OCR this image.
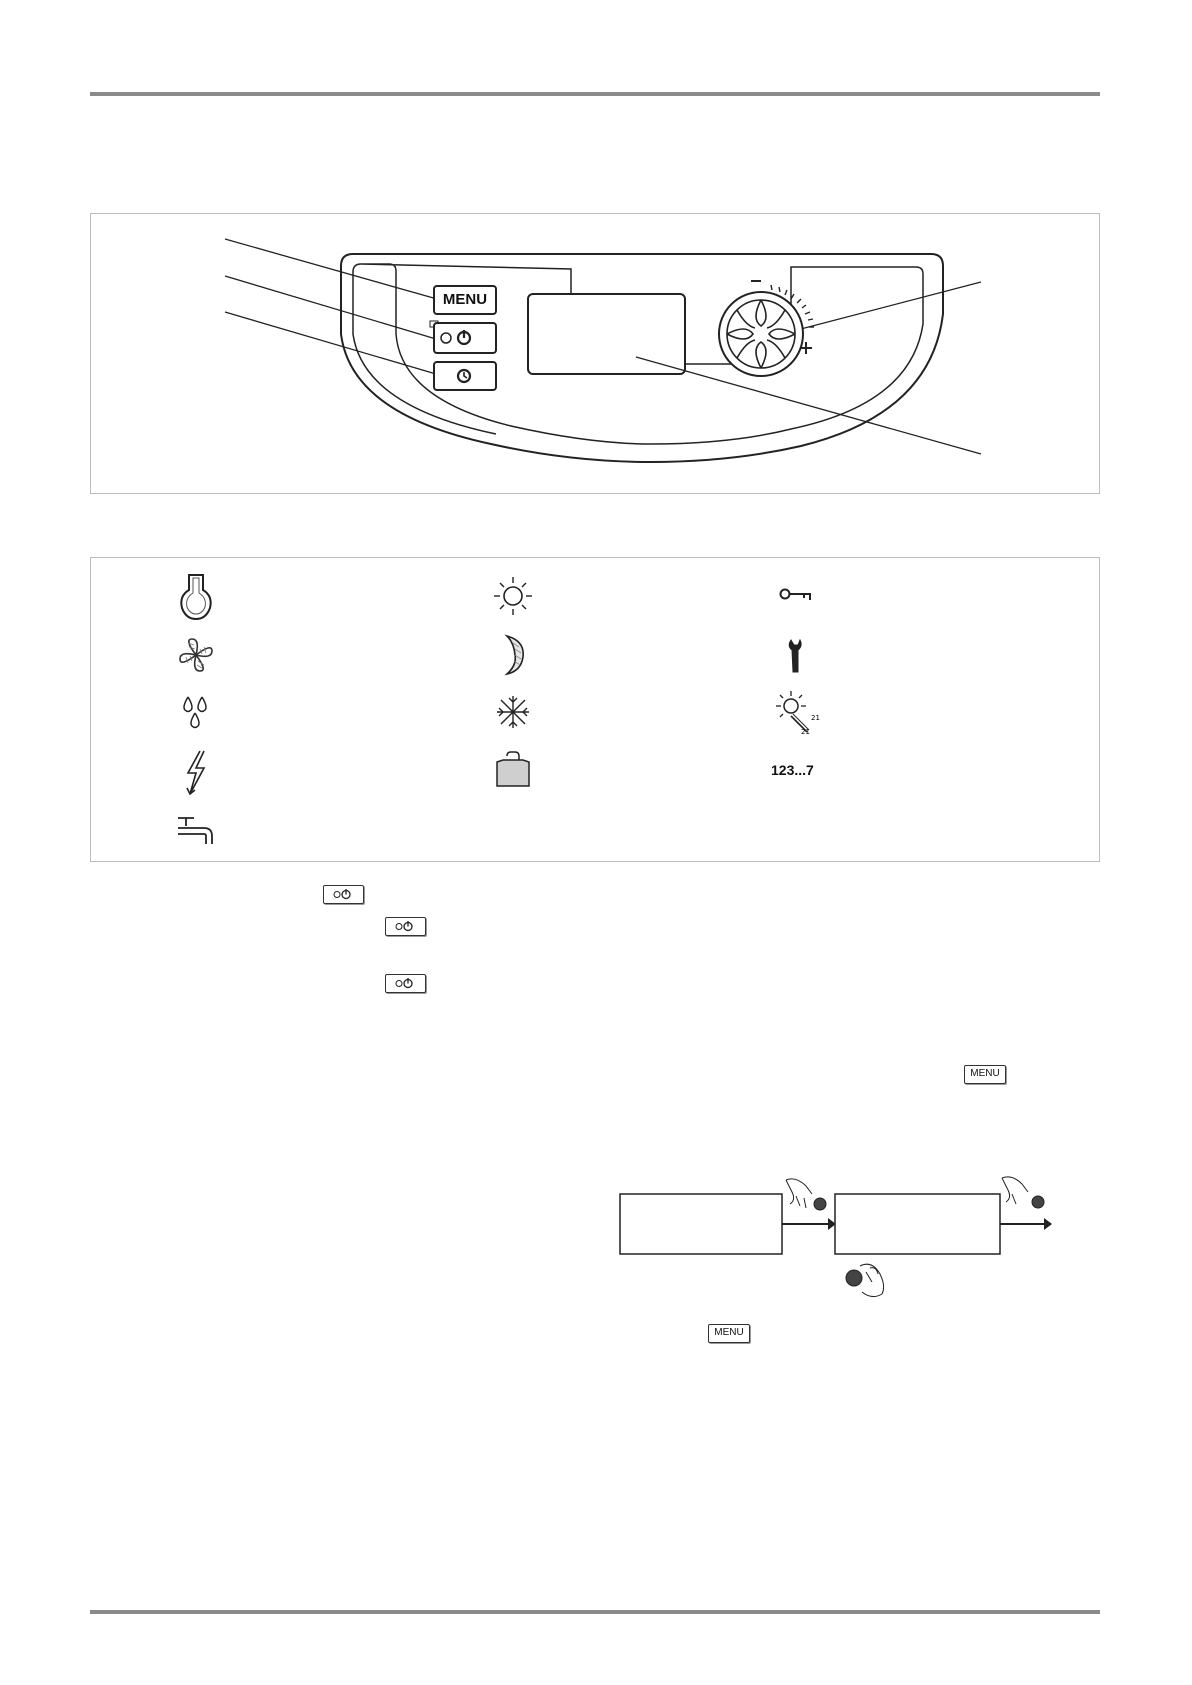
MENU
21
21
123...7
MENU
MENU
